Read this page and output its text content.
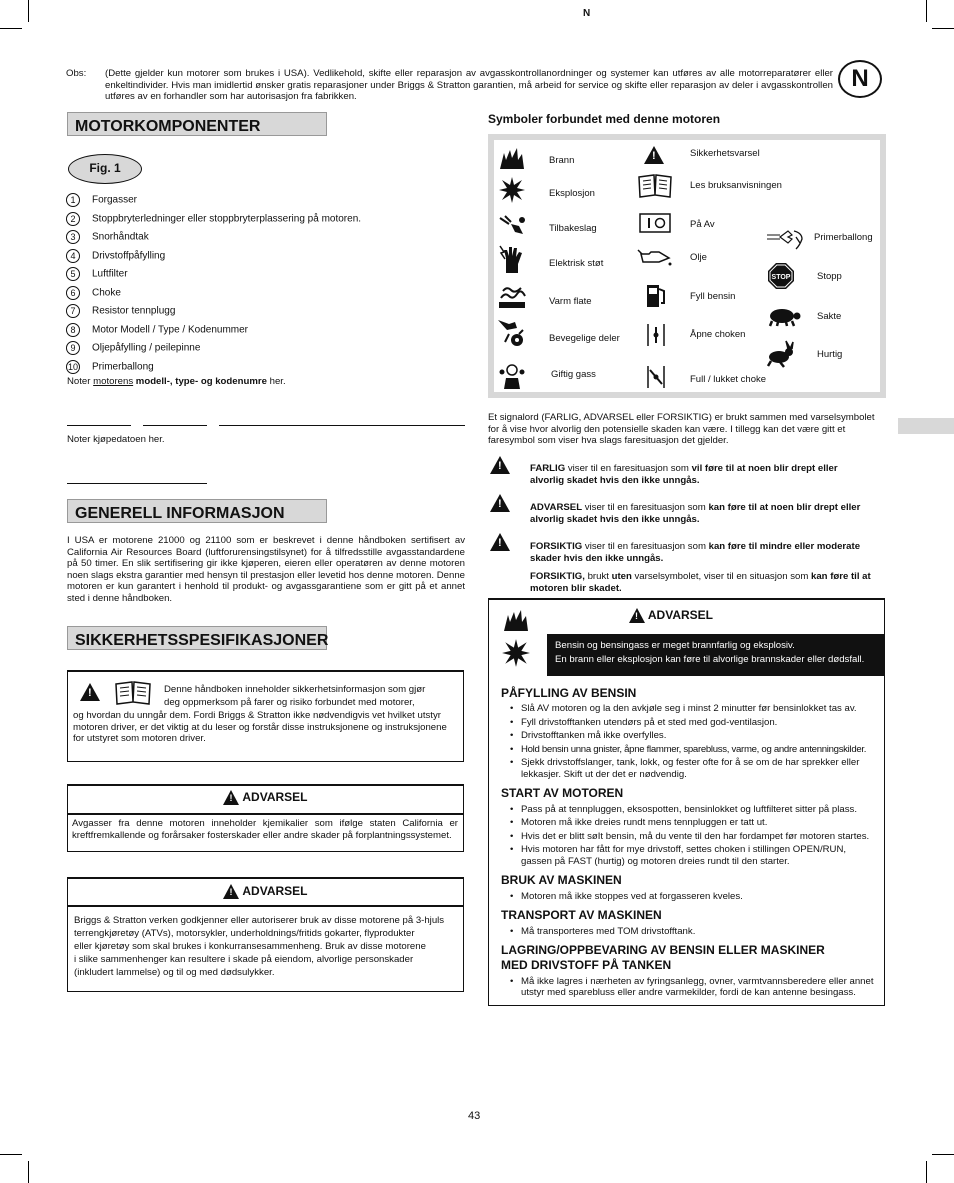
N
N
Obs: (Dette gjelder kun motorer som brukes i USA). Vedlikehold, skifte eller reparasjon av avgasskontrollanordninger og systemer kan utføres av alle motorreparatører eller enkeltindivider. Hvis man imidlertid ønsker gratis reparasjoner under Briggs & Stratton garantien, må arbeid for service og skifte eller reparasjon av deler i avgasskontrollen utføres av en forhandler som har autorisasjon fra fabrikken.
MOTORKOMPONENTER
Fig. 1
1 Forgasser
2 Stoppbryterledninger eller stoppbryterplassering på motoren.
3 Snorhåndtak
4 Drivstoffpåfylling
5 Luftfilter
6 Choke
7 Resistor tennplugg
8 Motor Modell / Type / Kodenummer
9 Oljepåfylling / peilepinne
10 Primerballong
Noter motorens modell-, type- og kodenumre her.
Noter kjøpedatoen her.
GENERELL INFORMASJON
I USA er motorene 21000 og 21100 som er beskrevet i denne håndboken sertifisert av California Air Resources Board (luftforurensingstilsynet) for å tilfredsstille avgasstandardene på 50 timer. En slik sertifisering gir ikke kjøperen, eieren eller operatøren av denne motoren noen slags ekstra garantier med hensyn til prestasjon eller levetid hos denne motoren. Denne motoren er kun garantert i henhold til produkt- og avgassgarantiene som er gitt på et annet sted i denne håndboken.
SIKKERHETSSPESIFIKASJONER
!
Denne håndboken inneholder sikkerhetsinformasjon som gjør
deg oppmerksom på farer og risiko forbundet med motorer,
og hvordan du unngår dem. Fordi Briggs & Stratton ikke nødvendigvis vet hvilket utstyr motoren driver, er det viktig at du leser og forstår disse instruksjonene og instruksjonene for utstyret som motoren driver.
! ADVARSEL
Avgasser fra denne motoren inneholder kjemikalier som ifølge staten California er kreftfremkallende og forårsaker fosterskader eller andre skader på forplantningssystemet.
! ADVARSEL
Briggs & Stratton verken godkjenner eller autoriserer bruk av disse motorene på 3-hjuls
terrengkjøretøy (ATVs), motorsykler, underholdnings/fritids gokarter, flyprodukter
eller kjøretøy som skal brukes i konkurransesammenheng. Bruk av disse motorene
i slike sammenhenger kan resultere i skade på eiendom, alvorlige personskader
(inkludert lammelse) og til og med dødsulykker.
Symboler forbundet med denne motoren
Brann
Eksplosjon
Tilbakeslag
Elektrisk støt
Varm flate
Bevegelige deler
Giftig gass
!
Sikkerhetsvarsel
Les bruksanvisningen
På Av
Olje
Fyll bensin
Åpne choken
Full / lukket choke
Primerballong
STOP	Stopp
Sakte
Hurtig
Et signalord (FARLIG, ADVARSEL eller FORSIKTIG) er brukt sammen med varselsymbolet for å vise hvor alvorlig den potensielle skaden kan være. I tillegg kan det være gitt et faresymbol som viser hva slags faresituasjon det gjelder.
!
FARLIG viser til en faresituasjon som vil føre til at noen blir drept eller alvorlig skadet hvis den ikke unngås.
!
ADVARSEL viser til en faresituasjon som kan føre til at noen blir drept eller alvorlig skadet hvis den ikke unngås.
!
FORSIKTIG viser til en faresituasjon som kan føre til mindre eller moderate skader hvis den ikke unngås.
FORSIKTIG, brukt uten varselsymbolet, viser til en situasjon som kan føre til at motoren blir skadet.
! ADVARSEL
Bensin og bensingass er meget brannfarlig og eksplosiv.
En brann eller eksplosjon kan føre til alvorlige brannskader eller dødsfall.
PÅFYLLING AV BENSIN
• Slå AV motoren og la den avkjøle seg i minst 2 minutter før bensinlokket tas av.
• Fyll drivstofftanken utendørs på et sted med god-ventilasjon.
• Drivstofftanken må ikke overfylles.
• Hold bensin unna gnister, åpne flammer, sparebluss, varme, og andre antenningskilder.
• Sjekk drivstoffslanger, tank, lokk, og fester ofte for å se om de har sprekker eller lekkasjer. Skift ut der det er nødvendig.
START AV MOTOREN
• Pass på at tennpluggen, eksospotten, bensinlokket og luftfilteret sitter på plass.
• Motoren må ikke dreies rundt mens tennpluggen er tatt ut.
• Hvis det er blitt søIt bensin, må du vente til den har fordampet før motoren startes.
• Hvis motoren har fått for mye drivstoff, settes choken i stillingen OPEN/RUN, gassen på FAST (hurtig) og motoren dreies rundt til den starter.
BRUK AV MASKINEN
• Motoren må ikke stoppes ved at forgasseren kveles.
TRANSPORT AV MASKINEN
• Må transporteres med TOM drivstofftank.
LAGRING/OPPBEVARING AV BENSIN ELLER MASKINER
MED DRIVSTOFF PÅ TANKEN
• Må ikke lagres i nærheten av fyringsanlegg, ovner, varmtvannsberedere eller annet utstyr med sparebluss eller andre varmekilder, fordi de kan antenne besingass.
43
